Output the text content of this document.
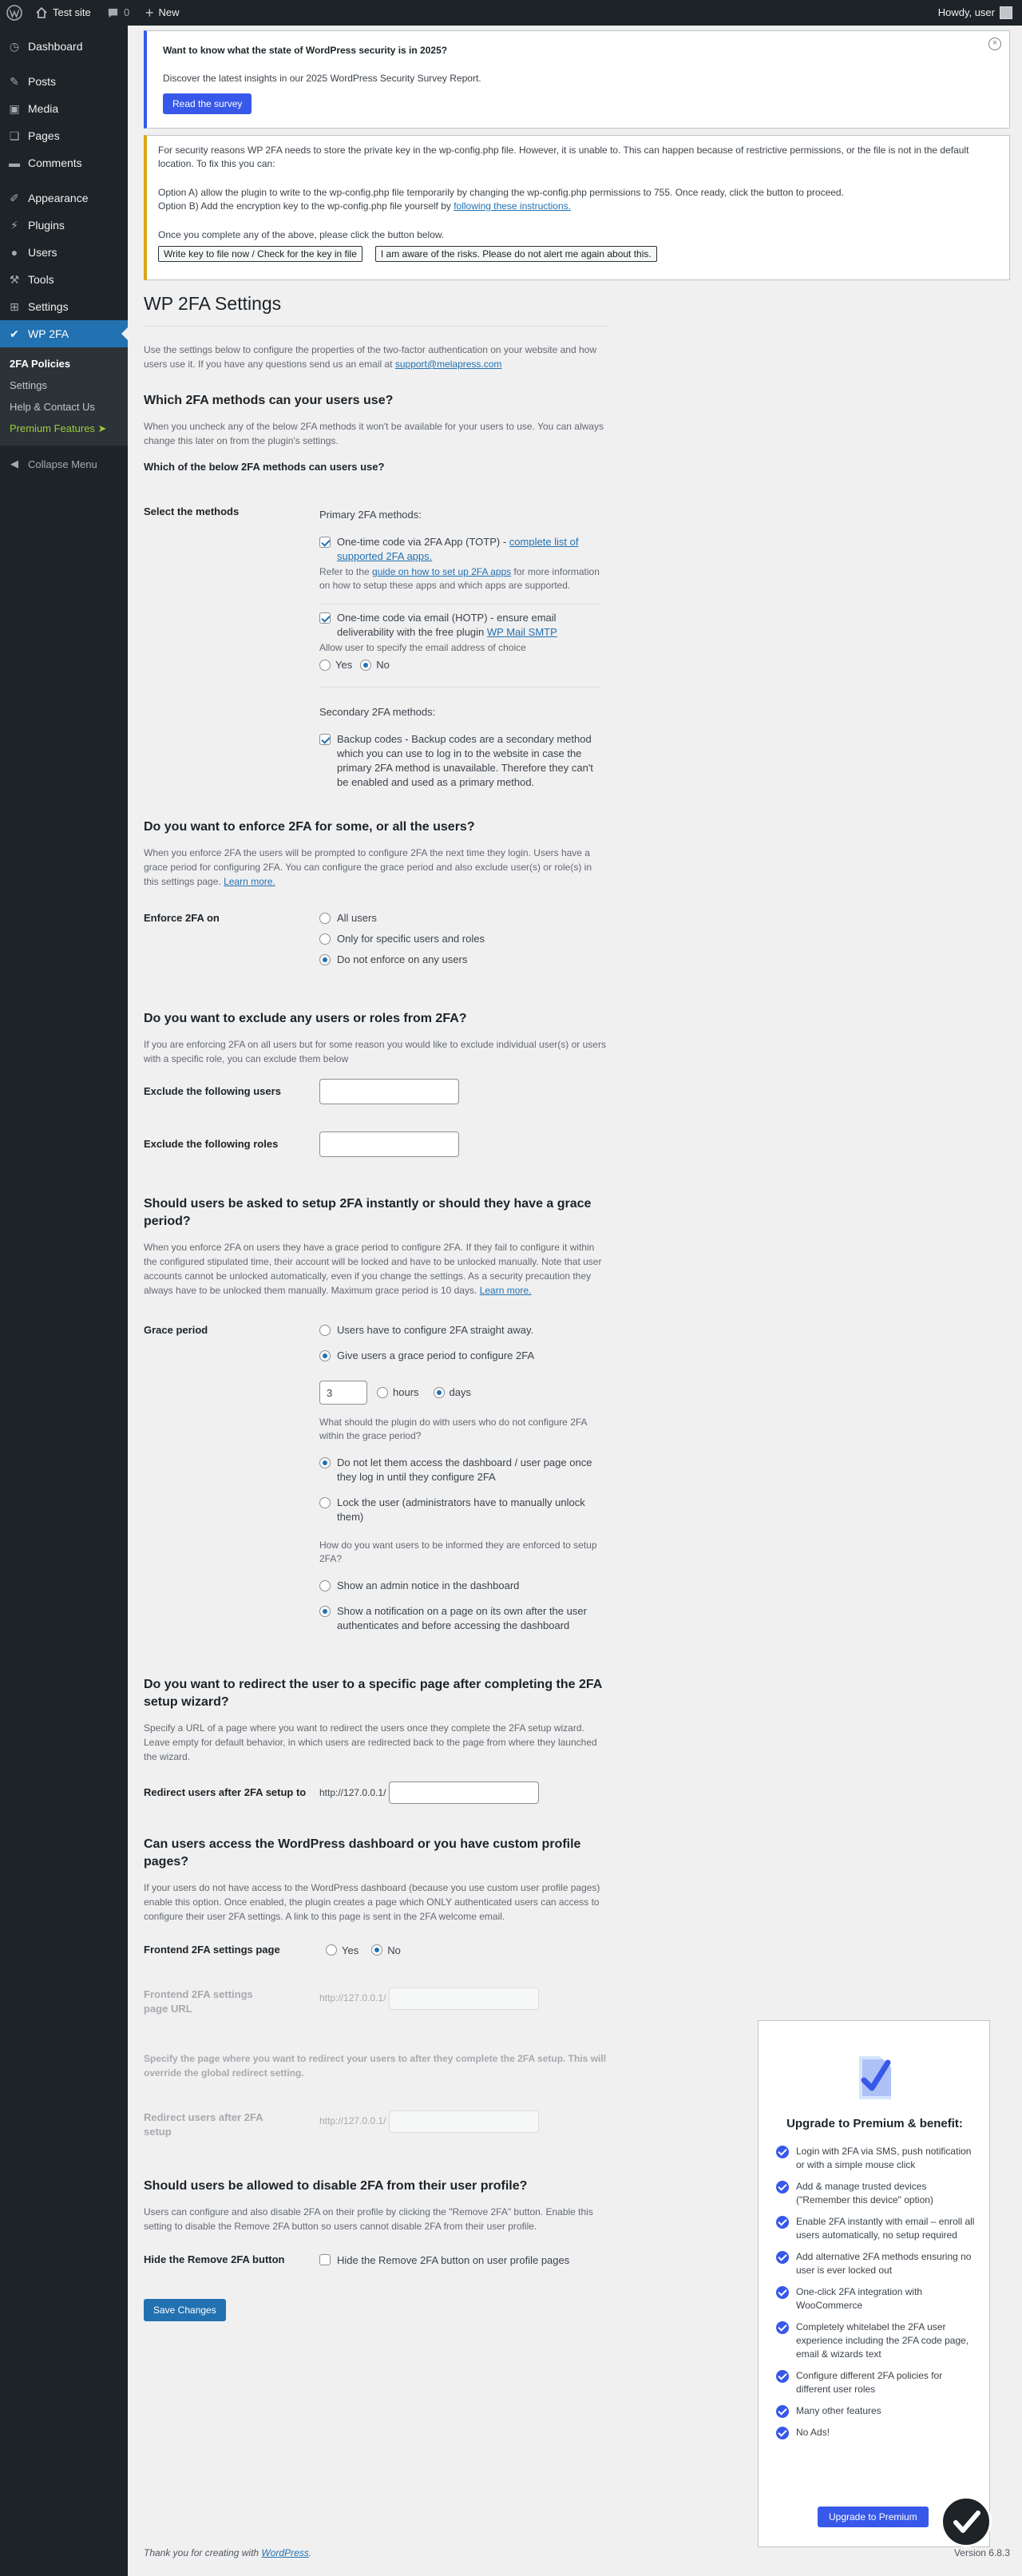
Test site	0 + New	Howdy, user
◷ Dashboard
✎ Posts
▣ Media
❏ Pages
▬ Comments
✐ Appearance
⚡ Plugins
● Users
⚒ Tools
⊞ Settings
✔ WP 2FA
2FA Policies
Settings
Help & Contact Us
Premium Features ➤
◀ Collapse Menu

Want to know what the state of WordPress security is in 2025?

Discover the latest insights in our 2025 WordPress Security Survey Report.

Read the survey
×

For security reasons WP 2FA needs to store the private key in the wp-config.php file. However, it is unable to. This can happen because of restrictive permissions, or the file is not in the default location. To fix this you can:

Option A) allow the plugin to write to the wp-config.php file temporarily by changing the wp-config.php permissions to 755. Once ready, click the button to proceed.

Option B) Add the encryption key to the wp-config.php file yourself by following these instructions.

Once you complete any of the above, please click the button below.

Write key to file now / Check for the key in file	I am aware of the risks. Please do not alert me again about this.
WP 2FA Settings

Use the settings below to configure the properties of the two-factor authentication on your website and how users use it. If you have any questions send us an email at support@melapress.com

Which 2FA methods can your users use?

When you uncheck any of the below 2FA methods it won't be available for your users to use. You can always change this later on from the plugin's settings.

Which of the below 2FA methods can users use?
Select the methods	Primary 2FA methods:
One-time code via 2FA App (TOTP) - complete list of supported 2FA apps.
Refer to the guide on how to set up 2FA apps for more information on how to setup these apps and which apps are supported.
One-time code via email (HOTP) - ensure email deliverability with the free plugin WP Mail SMTP
Allow user to specify the email address of choice
Yes No
Secondary 2FA methods:
Backup codes - Backup codes are a secondary method which you can use to log in to the website in case the primary 2FA method is unavailable. Therefore they can't be enabled and used as a primary method.
Do you want to enforce 2FA for some, or all the users?

When you enforce 2FA the users will be prompted to configure 2FA the next time they login. Users have a grace period for configuring 2FA. You can configure the grace period and also exclude user(s) or role(s) in this settings page. Learn more.

Enforce 2FA on	All users
Only for specific users and roles
Do not enforce on any users
Do you want to exclude any users or roles from 2FA?

If you are enforcing 2FA on all users but for some reason you would like to exclude individual user(s) or users with a specific role, you can exclude them below

Exclude the following users
Exclude the following roles
Should users be asked to setup 2FA instantly or should they have a grace period?

When you enforce 2FA on users they have a grace period to configure 2FA. If they fail to configure it within the configured stipulated time, their account will be locked and have to be unlocked manually. Note that user accounts cannot be unlocked automatically, even if you change the settings. As a security precaution they always have to be unlocked them manually. Maximum grace period is 10 days. Learn more.

Grace period	Users have to configure 2FA straight away.
Give users a grace period to configure 2FA
3	hours	days
What should the plugin do with users who do not configure 2FA within the grace period?
Do not let them access the dashboard / user page once they log in until they configure 2FA
Lock the user (administrators have to manually unlock them)
How do you want users to be informed they are enforced to setup 2FA?
Show an admin notice in the dashboard
Show a notification on a page on its own after the user authenticates and before accessing the dashboard
Do you want to redirect the user to a specific page after completing the 2FA setup wizard?

Specify a URL of a page where you want to redirect the users once they complete the 2FA setup wizard. Leave empty for default behavior, in which users are redirected back to the page from where they launched the wizard.

Redirect users after 2FA setup to	http://127.0.0.1/
Can users access the WordPress dashboard or you have custom profile pages?

If your users do not have access to the WordPress dashboard (because you use custom user profile pages) enable this option. Once enabled, the plugin creates a page which ONLY authenticated users can access to configure their user 2FA settings. A link to this page is sent in the 2FA welcome email.

Frontend 2FA settings page	Yes	No
Frontend 2FA settings page URL
http://127.0.0.1/

Specify the page where you want to redirect your users to after they complete the 2FA setup. This will override the global redirect setting.

Redirect users after 2FA setup
http://127.0.0.1/
Should users be allowed to disable 2FA from their user profile?

Users can configure and also disable 2FA on their profile by clicking the "Remove 2FA" button. Enable this setting to disable the Remove 2FA button so users cannot disable 2FA from their user profile.

Hide the Remove 2FA button	Hide the Remove 2FA button on user profile pages
Save Changes
Thank you for creating with WordPress.	Version 6.8.3
Upgrade to Premium & benefit:
Login with 2FA via SMS, push notification or with a simple mouse click
Add & manage trusted devices ("Remember this device" option)
Enable 2FA instantly with email – enroll all users automatically, no setup required
Add alternative 2FA methods ensuring no user is ever locked out
One-click 2FA integration with WooCommerce
Completely whitelabel the 2FA user experience including the 2FA code page, email & wizards text
Configure different 2FA policies for different user roles
Many other features
No Ads!
Upgrade to Premium
